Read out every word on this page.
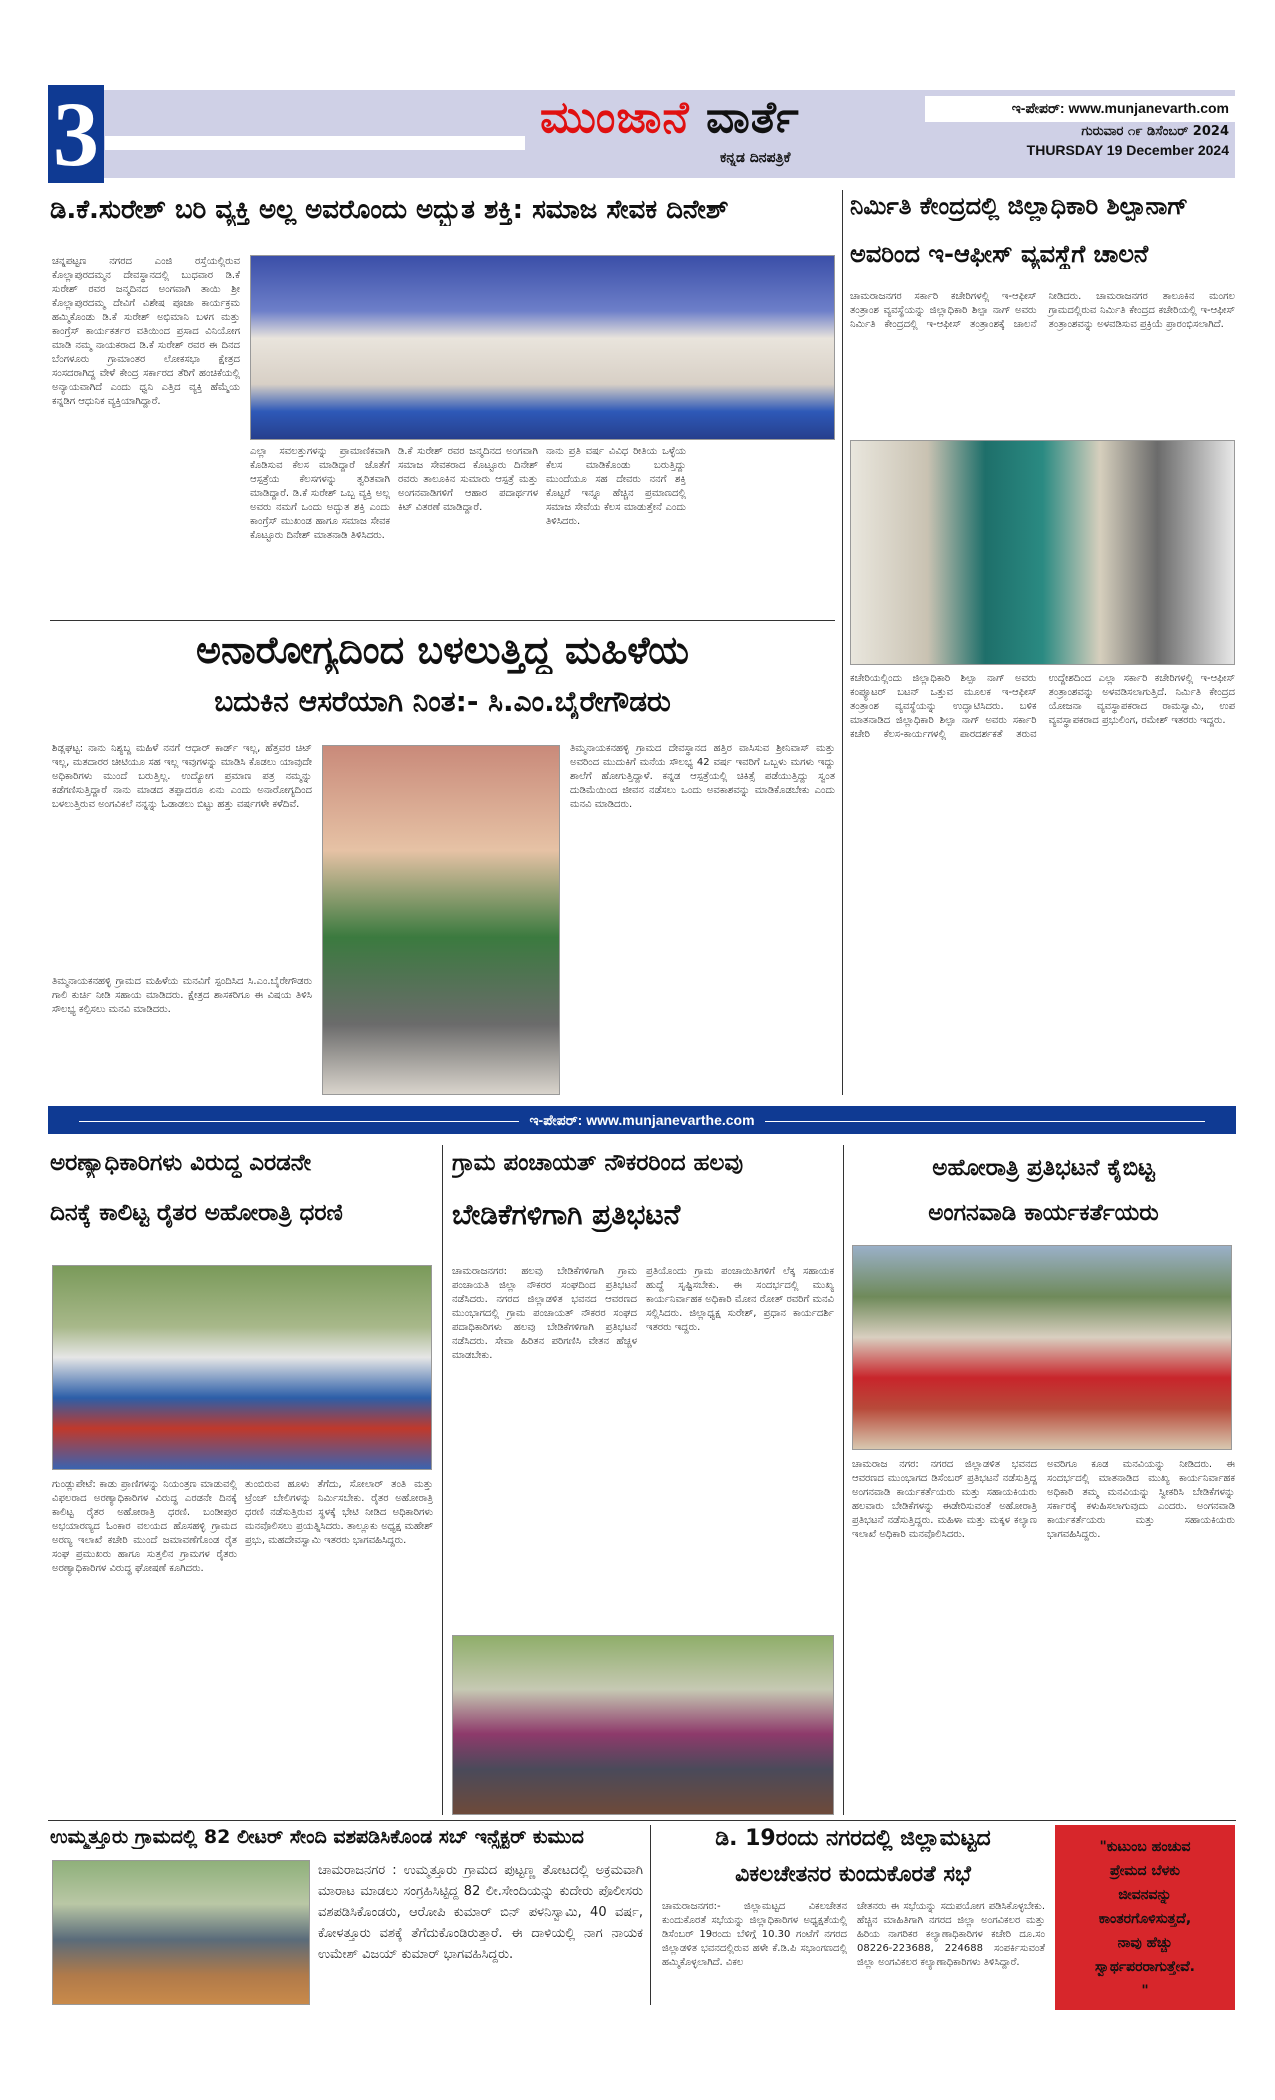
3	ಮುಂಜಾನೆ ವಾರ್ತೆ
ಕನ್ನಡ ದಿನಪತ್ರಿಕೆ
ಇ-ಪೇಪರ್: www.munjanevarth.com
ಗುರುವಾರ ೧೯ ಡಿಸೆಂಬರ್ 2024
THURSDAY 19 December 2024
ಡಿ.ಕೆ.ಸುರೇಶ್ ಬರಿ ವ್ಯಕ್ತಿ ಅಲ್ಲ ಅವರೊಂದು ಅದ್ಭುತ ಶಕ್ತಿ: ಸಮಾಜ ಸೇವಕ ದಿನೇಶ್
ಚನ್ನಪಟ್ಟಣ ನಗರದ ಎಂಜಿ ರಸ್ತೆಯಲ್ಲಿರುವ ಕೊಲ್ಲಾಪುರದಮ್ಮನ ದೇವಸ್ಥಾನದಲ್ಲಿ ಬುಧವಾರ ಡಿ.ಕೆ ಸುರೇಶ್ ರವರ ಜನ್ಮದಿನದ ಅಂಗವಾಗಿ ತಾಯಿ ಶ್ರೀ ಕೊಲ್ಲಾಪುರದಮ್ಮ ದೇವಿಗೆ ವಿಶೇಷ ಪೂಜಾ ಕಾರ್ಯಕ್ರಮ ಹಮ್ಮಿಕೊಂಡು ಡಿ.ಕೆ ಸುರೇಶ್ ಅಭಿಮಾನಿ ಬಳಗ ಮತ್ತು ಕಾಂಗ್ರೆಸ್ ಕಾರ್ಯಕರ್ತರ ವತಿಯಿಂದ ಪ್ರಸಾದ ವಿನಿಯೋಗ ಮಾಡಿ ನಮ್ಮ ನಾಯಕರಾದ ಡಿ.ಕೆ ಸುರೇಶ್ ರವರ ಈ ದಿನದ ಬೆಂಗಳೂರು ಗ್ರಾಮಾಂತರ ಲೋಕಸಭಾ ಕ್ಷೇತ್ರದ ಸಂಸದರಾಗಿದ್ದ ವೇಳೆ ಕೇಂದ್ರ ಸರ್ಕಾರದ ತೆರಿಗೆ ಹಂಚಿಕೆಯಲ್ಲಿ ಅನ್ಯಾಯವಾಗಿದೆ ಎಂದು ಧ್ವನಿ ಎತ್ತಿದ ವ್ಯಕ್ತಿ ಹೆಮ್ಮೆಯ ಕನ್ನಡಿಗ ಆಧುನಿಕ ವ್ಯಕ್ತಿಯಾಗಿದ್ದಾರೆ.
ಎಲ್ಲಾ ಸವಲತ್ತುಗಳನ್ನು ಪ್ರಾಮಾಣಿಕವಾಗಿ ಕೊಡಿಸುವ ಕೆಲಸ ಮಾಡಿದ್ದಾರೆ ಜೊತೆಗೆ ಆಸ್ಪತ್ರೆಯ ಕೆಲಸಗಳನ್ನು ತ್ವರಿತವಾಗಿ ಮಾಡಿದ್ದಾರೆ. ಡಿ.ಕೆ ಸುರೇಶ್ ಒಬ್ಬ ವ್ಯಕ್ತಿ ಅಲ್ಲ ಅವರು ನಮಗೆ ಒಂದು ಅದ್ಭುತ ಶಕ್ತಿ ಎಂದು ಕಾಂಗ್ರೆಸ್ ಮುಖಂಡ ಹಾಗೂ ಸಮಾಜ ಸೇವಕ ಕೊಟ್ಟೂರು ದಿನೇಶ್ ಮಾತನಾಡಿ ತಿಳಿಸಿದರು.
ಡಿ.ಕೆ ಸುರೇಶ್ ರವರ ಜನ್ಮದಿನದ ಅಂಗವಾಗಿ ಸಮಾಜ ಸೇವಕರಾದ ಕೊಟ್ಟೂರು ದಿನೇಶ್ ರವರು ತಾಲೂಕಿನ ಸುಮಾರು ಆಸ್ಪತ್ರೆ ಮತ್ತು ಅಂಗನವಾಡಿಗಳಿಗೆ ಆಹಾರ ಪದಾರ್ಥಗಳ ಕಿಟ್ ವಿತರಣೆ ಮಾಡಿದ್ದಾರೆ.
ನಾನು ಪ್ರತಿ ವರ್ಷ ವಿವಿಧ ರೀತಿಯ ಒಳ್ಳೆಯ ಕೆಲಸ ಮಾಡಿಕೊಂಡು ಬರುತ್ತಿದ್ದು ಮುಂದೆಯೂ ಸಹ ದೇವರು ನನಗೆ ಶಕ್ತಿ ಕೊಟ್ಟರೆ ಇನ್ನೂ ಹೆಚ್ಚಿನ ಪ್ರಮಾಣದಲ್ಲಿ ಸಮಾಜ ಸೇವೆಯ ಕೆಲಸ ಮಾಡುತ್ತೇನೆ ಎಂದು ತಿಳಿಸಿದರು.
ನಿರ್ಮಿತಿ ಕೇಂದ್ರದಲ್ಲಿ ಜಿಲ್ಲಾಧಿಕಾರಿ ಶಿಲ್ಪಾನಾಗ್
ಅವರಿಂದ ಇ-ಆಫೀಸ್ ವ್ಯವಸ್ಥೆಗೆ ಚಾಲನೆ
ಚಾಮರಾಜನಗರ ಸರ್ಕಾರಿ ಕಚೇರಿಗಳಲ್ಲಿ ಇ-ಆಫೀಸ್ ತಂತ್ರಾಂಶ ವ್ಯವಸ್ಥೆಯನ್ನು ಜಿಲ್ಲಾಧಿಕಾರಿ ಶಿಲ್ಪಾ ನಾಗ್ ಅವರು ನಿರ್ಮಿತಿ ಕೇಂದ್ರದಲ್ಲಿ ಇ-ಆಫೀಸ್ ತಂತ್ರಾಂಶಕ್ಕೆ ಚಾಲನೆ ನೀಡಿದರು. ಚಾಮರಾಜನಗರ ತಾಲೂಕಿನ ಮಂಗಲ ಗ್ರಾಮದಲ್ಲಿರುವ ನಿರ್ಮಿತಿ ಕೇಂದ್ರದ ಕಚೇರಿಯಲ್ಲಿ ಇ-ಆಫೀಸ್ ತಂತ್ರಾಂಶವನ್ನು ಅಳವಡಿಸುವ ಪ್ರಕ್ರಿಯೆ ಪ್ರಾರಂಭಿಸಲಾಗಿದೆ.
ಕಚೇರಿಯಲ್ಲಿಂದು ಜಿಲ್ಲಾಧಿಕಾರಿ ಶಿಲ್ಪಾ ನಾಗ್ ಅವರು ಕಂಪ್ಯೂಟರ್ ಬಟನ್ ಒತ್ತುವ ಮೂಲಕ ಇ-ಆಫೀಸ್ ತಂತ್ರಾಂಶ ವ್ಯವಸ್ಥೆಯನ್ನು ಉದ್ಘಾಟಿಸಿದರು. ಬಳಿಕ ಮಾತನಾಡಿದ ಜಿಲ್ಲಾಧಿಕಾರಿ ಶಿಲ್ಪಾ ನಾಗ್ ಅವರು ಸರ್ಕಾರಿ ಕಚೇರಿ ಕೆಲಸ-ಕಾರ್ಯಗಳಲ್ಲಿ ಪಾರದರ್ಶಕತೆ ತರುವ ಉದ್ದೇಶದಿಂದ ಎಲ್ಲಾ ಸರ್ಕಾರಿ ಕಚೇರಿಗಳಲ್ಲಿ ಇ-ಆಫೀಸ್ ತಂತ್ರಾಂಶವನ್ನು ಅಳವಡಿಸಲಾಗುತ್ತಿದೆ. ನಿರ್ಮಿತಿ ಕೇಂದ್ರದ ಯೋಜನಾ ವ್ಯವಸ್ಥಾಪಕರಾದ ರಾಮಸ್ವಾಮಿ, ಉಪ ವ್ಯವಸ್ಥಾಪಕರಾದ ಪ್ರಭುಲಿಂಗ, ರಮೇಶ್ ಇತರರು ಇದ್ದರು.
ಅನಾರೋಗ್ಯದಿಂದ ಬಳಲುತ್ತಿದ್ದ ಮಹಿಳೆಯ
ಬದುಕಿನ ಆಸರೆಯಾಗಿ ನಿಂತ:- ಸಿ.ಎಂ.ಬೈರೇಗೌಡರು
ಶಿಡ್ಲಘಟ್ಟ: ನಾನು ನಿಶ್ಯಬ್ದ ಮಹಿಳೆ ನನಗೆ ಆಧಾರ್ ಕಾರ್ಡ್ ಇಲ್ಲ, ಹೆತ್ತವರ ಚಿಟ್ ಇಲ್ಲ, ಮತದಾರರ ಚೀಟಿಯೂ ಸಹ ಇಲ್ಲ ಇವುಗಳನ್ನು ಮಾಡಿಸಿ ಕೊಡಲು ಯಾವುದೇ ಅಧಿಕಾರಿಗಳು ಮುಂದೆ ಬರುತ್ತಿಲ್ಲ. ಉದ್ಯೋಗ ಪ್ರಮಾಣ ಪತ್ರ ನಮ್ಮನ್ನು ಕಡೆಗಣಿಸುತ್ತಿದ್ದಾರೆ ನಾನು ಮಾಡದ ತಪ್ಪಾದರೂ ಏನು ಎಂದು ಅನಾರೋಗ್ಯದಿಂದ ಬಳಲುತ್ತಿರುವ ಅಂಗವಿಕಲೆ ನನ್ನನ್ನು ಓಡಾಡಲು ಬಿಟ್ಟು ಹತ್ತು ವರ್ಷಗಳೇ ಕಳೆದಿವೆ.
ತಿಮ್ಮನಾಯಕನಹಳ್ಳಿ ಗ್ರಾಮದ ಮಹಿಳೆಯ ಮನವಿಗೆ ಸ್ಪಂದಿಸಿದ ಸಿ.ಎಂ.ಬೈರೇಗೌಡರು ಗಾಲಿ ಕುರ್ಚಿ ನೀಡಿ ಸಹಾಯ ಮಾಡಿದರು. ಕ್ಷೇತ್ರದ ಶಾಸಕರಿಗೂ ಈ ವಿಷಯ ತಿಳಿಸಿ ಸೌಲಭ್ಯ ಕಲ್ಪಿಸಲು ಮನವಿ ಮಾಡಿದರು.
ತಿಮ್ಮನಾಯಕನಹಳ್ಳಿ ಗ್ರಾಮದ ದೇವಸ್ಥಾನದ ಹತ್ತಿರ ವಾಸಿಸುವ ಶ್ರೀನಿವಾಸ್ ಮತ್ತು ಅವರಿಂದ ಮುದುಕಿಗೆ ಮನೆಯ ಸೌಲಭ್ಯ 42 ವರ್ಷ ಇವರಿಗೆ ಒಬ್ಬಳು ಮಗಳು ಇದ್ದು ಶಾಲೆಗೆ ಹೋಗುತ್ತಿದ್ದಾಳೆ. ಕನ್ನಡ ಆಸ್ಪತ್ರೆಯಲ್ಲಿ ಚಿಕಿತ್ಸೆ ಪಡೆಯುತ್ತಿದ್ದು ಸ್ವಂತ ದುಡಿಮೆಯಿಂದ ಜೀವನ ನಡೆಸಲು ಒಂದು ಅವಕಾಶವನ್ನು ಮಾಡಿಕೊಡಬೇಕು ಎಂದು ಮನವಿ ಮಾಡಿದರು.
ಇ-ಪೇಪರ್: www.munjanevarthe.com
ಅರಣ್ಯಾಧಿಕಾರಿಗಳು ವಿರುದ್ಧ ಎರಡನೇ
ದಿನಕ್ಕೆ ಕಾಲಿಟ್ಟ ರೈತರ ಅಹೋರಾತ್ರಿ ಧರಣಿ
ಗುಂಡ್ಲುಪೇಟೆ: ಕಾಡು ಪ್ರಾಣಿಗಳನ್ನು ನಿಯಂತ್ರಣ ಮಾಡುವಲ್ಲಿ ವಿಫಲರಾದ ಅರಣ್ಯಾಧಿಕಾರಿಗಳ ವಿರುದ್ಧ ಎರಡನೇ ದಿನಕ್ಕೆ ಕಾಲಿಟ್ಟ ರೈತರ ಅಹೋರಾತ್ರಿ ಧರಣಿ. ಬಂಡೀಪುರ ಅಭಯಾರಣ್ಯದ ಓಂಕಾರ ವಲಯದ ಹೊಸಹಳ್ಳಿ ಗ್ರಾಮದ ಅರಣ್ಯ ಇಲಾಖೆ ಕಚೇರಿ ಮುಂದೆ ಜಮಾವಣೆಗೊಂಡ ರೈತ ಸಂಘ ಪ್ರಮುಖರು ಹಾಗೂ ಸುತ್ತಲಿನ ಗ್ರಾಮಗಳ ರೈತರು ಅರಣ್ಯಾಧಿಕಾರಿಗಳ ವಿರುದ್ಧ ಘೋಷಣೆ ಕೂಗಿದರು.
ತುಂಬಿರುವ ಹೂಳು ತೆಗೆದು, ಸೋಲಾರ್ ತಂತಿ ಮತ್ತು ಟ್ರೆಂಚ್ ಬೇಲಿಗಳನ್ನು ನಿರ್ಮಿಸಬೇಕು. ರೈತರ ಅಹೋರಾತ್ರಿ ಧರಣಿ ನಡೆಸುತ್ತಿರುವ ಸ್ಥಳಕ್ಕೆ ಭೇಟಿ ನೀಡಿದ ಅಧಿಕಾರಿಗಳು ಮನವೊಲಿಸಲು ಪ್ರಯತ್ನಿಸಿದರು. ತಾಲ್ಲೂಕು ಅಧ್ಯಕ್ಷ ಮಹೇಶ್ ಪ್ರಭು, ಮಹದೇವಸ್ವಾಮಿ ಇತರರು ಭಾಗವಹಿಸಿದ್ದರು.
ಗ್ರಾಮ ಪಂಚಾಯತ್ ನೌಕರರಿಂದ ಹಲವು
ಬೇಡಿಕೆಗಳಿಗಾಗಿ ಪ್ರತಿಭಟನೆ
ಚಾಮರಾಜನಗರ: ಹಲವು ಬೇಡಿಕೆಗಳಿಗಾಗಿ ಗ್ರಾಮ ಪಂಚಾಯತಿ ಜಿಲ್ಲಾ ನೌಕರರ ಸಂಘದಿಂದ ಪ್ರತಿಭಟನೆ ನಡೆಸಿದರು. ನಗರದ ಜಿಲ್ಲಾಡಳಿತ ಭವನದ ಆವರಣದ ಮುಂಭಾಗದಲ್ಲಿ ಗ್ರಾಮ ಪಂಚಾಯತ್ ನೌಕರರ ಸಂಘದ ಪದಾಧಿಕಾರಿಗಳು ಹಲವು ಬೇಡಿಕೆಗಳಿಗಾಗಿ ಪ್ರತಿಭಟನೆ ನಡೆಸಿದರು. ಸೇವಾ ಹಿರಿತನ ಪರಿಗಣಿಸಿ ವೇತನ ಹೆಚ್ಚಳ ಮಾಡಬೇಕು.
ಪ್ರತಿಯೊಂದು ಗ್ರಾಮ ಪಂಚಾಯಿತಿಗಳಿಗೆ ಲೆಕ್ಕ ಸಹಾಯಕ ಹುದ್ದೆ ಸೃಷ್ಟಿಸಬೇಕು. ಈ ಸಂದರ್ಭದಲ್ಲಿ ಮುಖ್ಯ ಕಾರ್ಯನಿರ್ವಾಹಕ ಅಧಿಕಾರಿ ಮೋನ ರೋತ್ ರವರಿಗೆ ಮನವಿ ಸಲ್ಲಿಸಿದರು. ಜಿಲ್ಲಾಧ್ಯಕ್ಷ ಸುರೇಶ್, ಪ್ರಧಾನ ಕಾರ್ಯದರ್ಶಿ ಇತರರು ಇದ್ದರು.
ಅಹೋರಾತ್ರಿ ಪ್ರತಿಭಟನೆ ಕೈಬಿಟ್ಟ
ಅಂಗನವಾಡಿ ಕಾರ್ಯಕರ್ತೆಯರು
ಚಾಮರಾಜ ನಗರ: ನಗರದ ಜಿಲ್ಲಾಡಳಿತ ಭವನದ ಆವರಣದ ಮುಂಭಾಗದ ಡಿಸೆಂಬರ್ ಪ್ರತಿಭಟನೆ ನಡೆಸುತ್ತಿದ್ದ ಅಂಗನವಾಡಿ ಕಾರ್ಯಕರ್ತೆಯರು ಮತ್ತು ಸಹಾಯಕಿಯರು ಹಲವಾರು ಬೇಡಿಕೆಗಳನ್ನು ಈಡೇರಿಸುವಂತೆ ಅಹೋರಾತ್ರಿ ಪ್ರತಿಭಟನೆ ನಡೆಸುತ್ತಿದ್ದರು. ಮಹಿಳಾ ಮತ್ತು ಮಕ್ಕಳ ಕಲ್ಯಾಣ ಇಲಾಖೆ ಅಧಿಕಾರಿ ಮನವೊಲಿಸಿದರು.
ಅವರಿಗೂ ಕೂಡ ಮನವಿಯನ್ನು ನೀಡಿದರು. ಈ ಸಂದರ್ಭದಲ್ಲಿ ಮಾತನಾಡಿದ ಮುಖ್ಯ ಕಾರ್ಯನಿರ್ವಾಹಕ ಅಧಿಕಾರಿ ತಮ್ಮ ಮನವಿಯನ್ನು ಸ್ವೀಕರಿಸಿ ಬೇಡಿಕೆಗಳನ್ನು ಸರ್ಕಾರಕ್ಕೆ ಕಳುಹಿಸಲಾಗುವುದು ಎಂದರು. ಅಂಗನವಾಡಿ ಕಾರ್ಯಕರ್ತೆಯರು ಮತ್ತು ಸಹಾಯಕಿಯರು ಭಾಗವಹಿಸಿದ್ದರು.
ಉಮ್ಮತ್ತೂರು ಗ್ರಾಮದಲ್ಲಿ 82 ಲೀಟರ್ ಸೇಂದಿ ವಶಪಡಿಸಿಕೊಂಡ ಸಬ್ ಇನ್ಸ್ಪೆಕ್ಟರ್ ಕುಮುದ
ಚಾಮರಾಜನಗರ : ಉಮ್ಮತ್ತೂರು ಗ್ರಾಮದ ಪುಟ್ಟಣ್ಣ ತೋಟದಲ್ಲಿ ಅಕ್ರಮವಾಗಿ ಮಾರಾಟ ಮಾಡಲು ಸಂಗ್ರಹಿಸಿಟ್ಟಿದ್ದ 82 ಲೀ.ಸೇಂದಿಯನ್ನು ಕುದೇರು ಪೊಲೀಸರು ವಶಪಡಿಸಿಕೊಂಡರು, ಆರೋಪಿ ಕುಮಾರ್ ಬಿನ್ ಪಳನಿಸ್ವಾಮಿ, 40 ವರ್ಷ, ಕೋಳತ್ತೂರು ವಶಕ್ಕೆ ತೆಗೆದುಕೊಂಡಿರುತ್ತಾರೆ. ಈ ದಾಳಿಯಲ್ಲಿ ನಾಗ ನಾಯಕ ಉಮೇಶ್ ವಿಜಯ್ ಕುಮಾರ್ ಭಾಗವಹಿಸಿದ್ದರು.
ಡಿ. 19ರಂದು ನಗರದಲ್ಲಿ ಜಿಲ್ಲಾಮಟ್ಟದ
ವಿಕಲಚೇತನರ ಕುಂದುಕೊರತೆ ಸಭೆ
ಚಾಮರಾಜನಗರ:- ಜಿಲ್ಲಾಮಟ್ಟದ ವಿಕಲಚೇತನ ಕುಂದುಕೊರತೆ ಸಭೆಯನ್ನು ಜಿಲ್ಲಾಧಿಕಾರಿಗಳ ಅಧ್ಯಕ್ಷತೆಯಲ್ಲಿ ಡಿಸೆಂಬರ್ 19ರಂದು ಬೆಳಿಗ್ಗೆ 10.30 ಗಂಟೆಗೆ ನಗರದ ಜಿಲ್ಲಾಡಳಿತ ಭವನದಲ್ಲಿರುವ ಹಳೇ ಕೆ.ಡಿ.ಪಿ ಸಭಾಂಗಣದಲ್ಲಿ ಹಮ್ಮಿಕೊಳ್ಳಲಾಗಿದೆ. ವಿಕಲ
ಚೇತನರು ಈ ಸಭೆಯನ್ನು ಸದುಪಯೋಗ ಪಡಿಸಿಕೊಳ್ಳಬೇಕು. ಹೆಚ್ಚಿನ ಮಾಹಿತಿಗಾಗಿ ನಗರದ ಜಿಲ್ಲಾ ಅಂಗವಿಕಲರ ಮತ್ತು ಹಿರಿಯ ನಾಗರಿಕರ ಕಲ್ಯಾಣಾಧಿಕಾರಿಗಳ ಕಚೇರಿ ದೂ.ಸಂ 08226-223688, 224688 ಸಂಪರ್ಕಿಸುವಂತೆ ಜಿಲ್ಲಾ ಅಂಗವಿಕಲರ ಕಲ್ಯಾಣಾಧಿಕಾರಿಗಳು ತಿಳಿಸಿದ್ದಾರೆ.
"ಕುಟುಂಬ ಹಂಚುವ
ಪ್ರೇಮದ ಬೆಳಕು
ಜೀವನವನ್ನು
ಕಾಂತರಗೊಳಿಸುತ್ತದೆ,
ನಾವು ಹೆಚ್ಚು
ಸ್ವಾರ್ಥಪರರಾಗುತ್ತೇವೆ.
"
